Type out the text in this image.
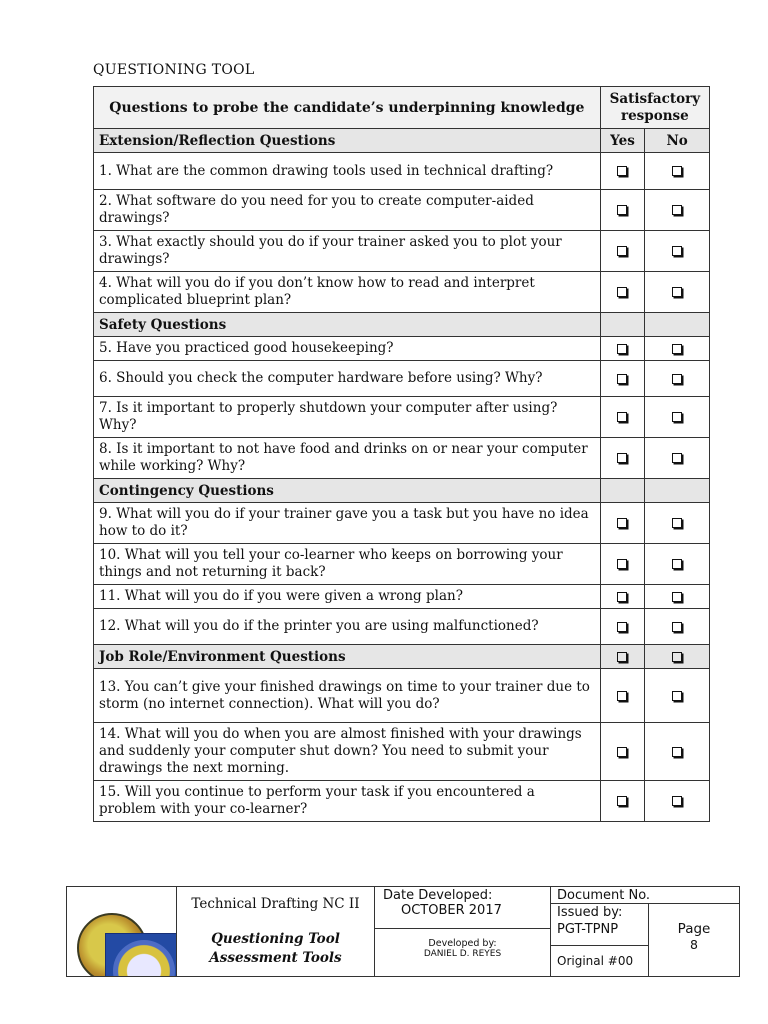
QUESTIONING TOOL
Questions to probe the candidate’s underpinning knowledge	Satisfactory response	
Extension/Reflection Questions	Yes	No
1. What are the common drawing tools used in technical drafting?		
2. What software do you need for you to create computer-aided drawings?		
3. What exactly should you do if your trainer asked you to plot your drawings?		
4. What will you do if you don’t know how to read and interpret complicated blueprint plan?		
Safety Questions		
5. Have you practiced good housekeeping?		
6. Should you check the computer hardware before using? Why?		
7. Is it important to properly shutdown your computer after using? Why?		
8. Is it important to not have food and drinks on or near your computer while working? Why?		
Contingency Questions		
9. What will you do if your trainer gave you a task but you have no idea how to do it?		
10. What will you tell your co-learner who keeps on borrowing your things and not returning it back?		
11. What will you do if you were given a wrong plan?		
12. What will you do if the printer you are using malfunctioned?		
Job Role/Environment Questions		
13. You can’t give your finished drawings on time to your trainer due to storm (no internet connection). What will you do?		
14. What will you do when you are almost finished with your drawings and suddenly your computer shut down? You need to submit your drawings the next morning.		
15. Will you continue to perform your task if you encountered a problem with your co-learner?		
Technical Drafting NC II
Questioning Tool
Assessment Tools
Date Developed:
OCTOBER 2017
Developed by:
DANIEL D. REYES
Document No.
Issued by:
PGT-TPNP
Original #00
Page
8
